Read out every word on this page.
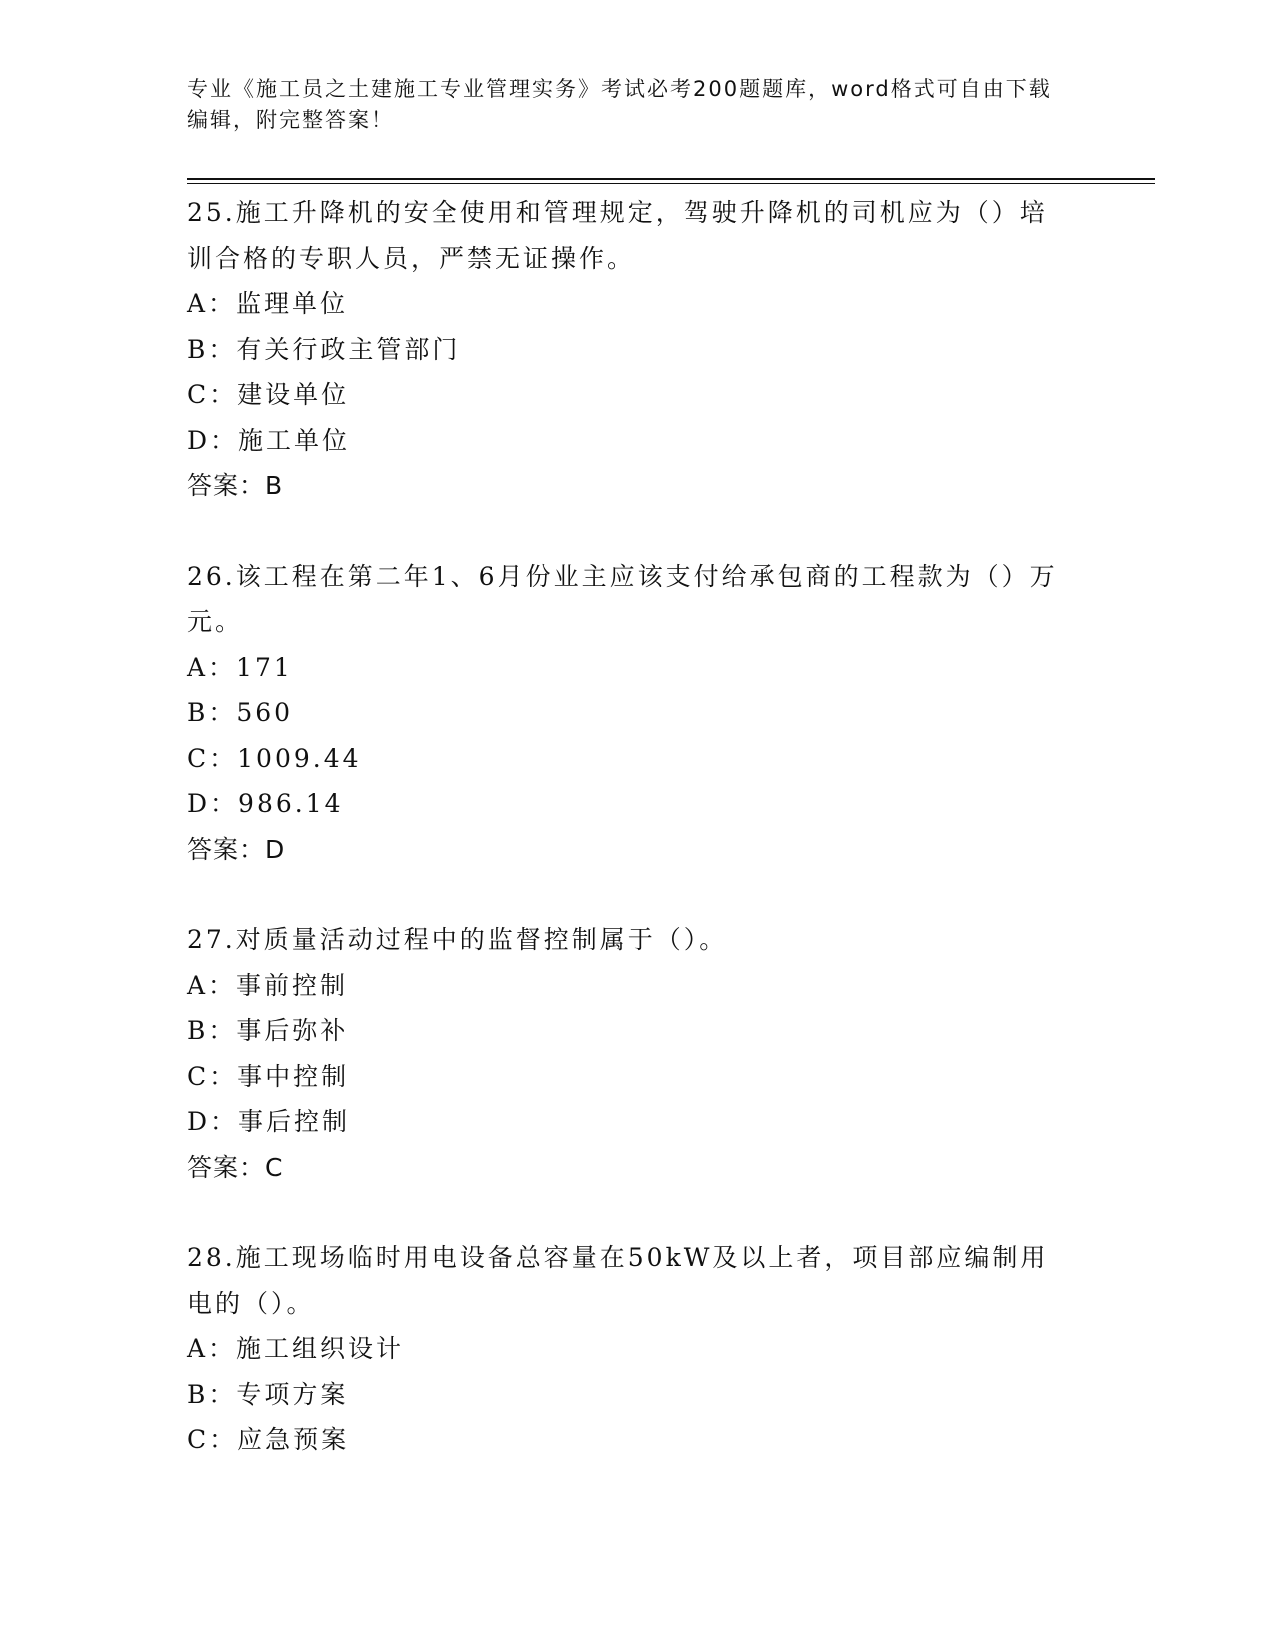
专业《施工员之土建施工专业管理实务》考试必考200题题库，word格式可自由下载编辑，附完整答案！
25.施工升降机的安全使用和管理规定，驾驶升降机的司机应为（）培训合格的专职人员，严禁无证操作。
A：监理单位
B：有关行政主管部门
C：建设单位
D：施工单位
答案：B
26.该工程在第二年1、6月份业主应该支付给承包商的工程款为（）万元。
A：171
B：560
C：1009.44
D：986.14
答案：D
27.对质量活动过程中的监督控制属于（）。
A：事前控制
B：事后弥补
C：事中控制
D：事后控制
答案：C
28.施工现场临时用电设备总容量在50kW及以上者，项目部应编制用电的（）。
A：施工组织设计
B：专项方案
C：应急预案
